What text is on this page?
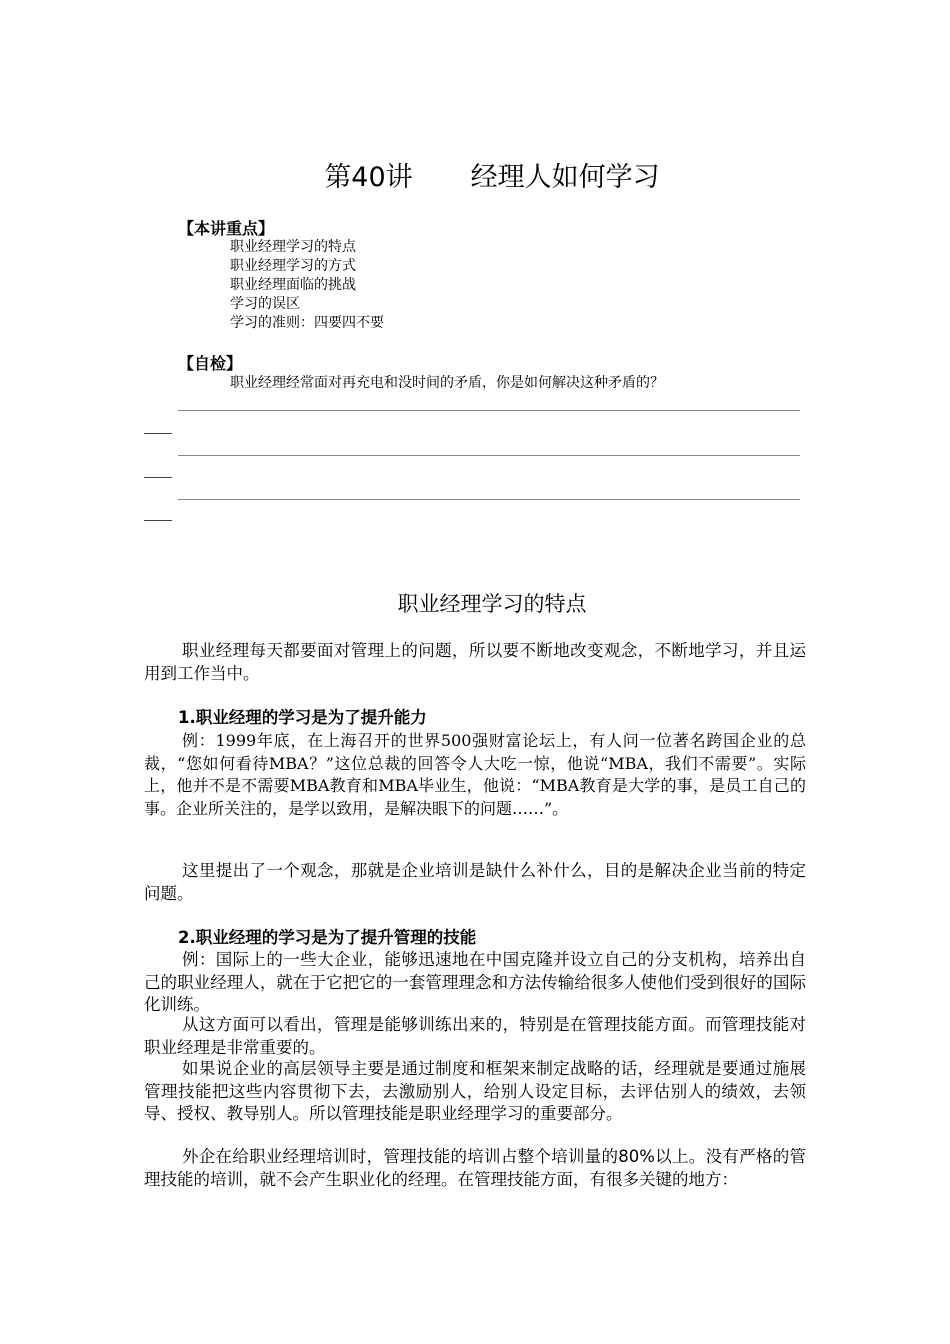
第40讲 经理人如何学习
【本讲重点】
职业经理学习的特点
职业经理学习的方式
职业经理面临的挑战
学习的误区
学习的准则：四要四不要
【自检】
职业经理经常面对再充电和没时间的矛盾，你是如何解决这种矛盾的？
职业经理学习的特点

职业经理每天都要面对管理上的问题，所以要不断地改变观念，不断地学习，并且运用到工作当中。

1.职业经理的学习是为了提升能力

例：1999年底，在上海召开的世界500强财富论坛上，有人问一位著名跨国企业的总裁，“您如何看待MBA？”这位总裁的回答令人大吃一惊，他说“MBA，我们不需要”。实际上，他并不是不需要MBA教育和MBA毕业生，他说：“MBA教育是大学的事，是员工自己的事。企业所关注的，是学以致用，是解决眼下的问题……”。

这里提出了一个观念，那就是企业培训是缺什么补什么，目的是解决企业当前的特定问题。

2.职业经理的学习是为了提升管理的技能

例：国际上的一些大企业，能够迅速地在中国克隆并设立自己的分支机构，培养出自己的职业经理人，就在于它把它的一套管理理念和方法传输给很多人使他们受到很好的国际化训练。

从这方面可以看出，管理是能够训练出来的，特别是在管理技能方面。而管理技能对职业经理是非常重要的。

如果说企业的高层领导主要是通过制度和框架来制定战略的话，经理就是要通过施展管理技能把这些内容贯彻下去，去激励别人，给别人设定目标，去评估别人的绩效，去领导、授权、教导别人。所以管理技能是职业经理学习的重要部分。

外企在给职业经理培训时，管理技能的培训占整个培训量的80%以上。没有严格的管理技能的培训，就不会产生职业化的经理。在管理技能方面，有很多关键的地方：
